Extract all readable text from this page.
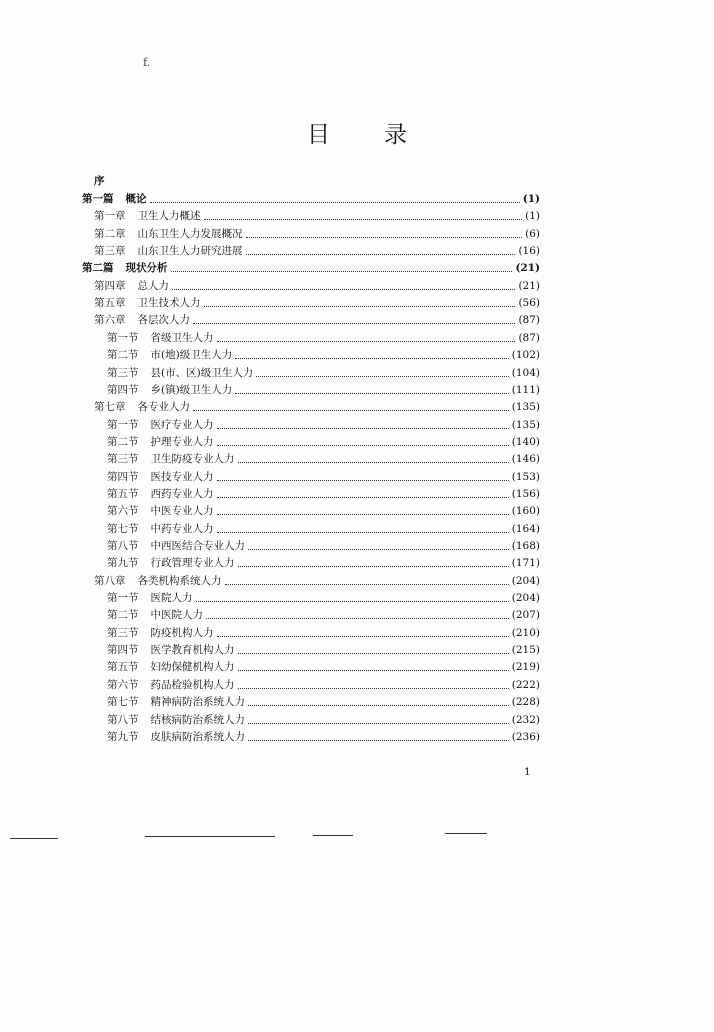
f.
目录
序
第一篇 概论	(1)
第一章 卫生人力概述	(1)
第二章 山东卫生人力发展概况	(6)
第三章 山东卫生人力研究进展	(16)
第二篇 现状分析	(21)
第四章 总人力	(21)
第五章 卫生技术人力	(56)
第六章 各层次人力	(87)
第一节 省级卫生人力	(87)
第二节 市(地)级卫生人力	(102)
第三节 县(市、区)级卫生人力	(104)
第四节 乡(镇)级卫生人力	(111)
第七章 各专业人力	(135)
第一节 医疗专业人力	(135)
第二节 护理专业人力	(140)
第三节 卫生防疫专业人力	(146)
第四节 医技专业人力	(153)
第五节 西药专业人力	(156)
第六节 中医专业人力	(160)
第七节 中药专业人力	(164)
第八节 中西医结合专业人力	(168)
第九节 行政管理专业人力	(171)
第八章 各类机构系统人力	(204)
第一节 医院人力	(204)
第二节 中医院人力	(207)
第三节 防疫机构人力	(210)
第四节 医学教育机构人力	(215)
第五节 妇幼保健机构人力	(219)
第六节 药品检验机构人力	(222)
第七节 精神病防治系统人力	(228)
第八节 结核病防治系统人力	(232)
第九节 皮肤病防治系统人力	(236)
1
